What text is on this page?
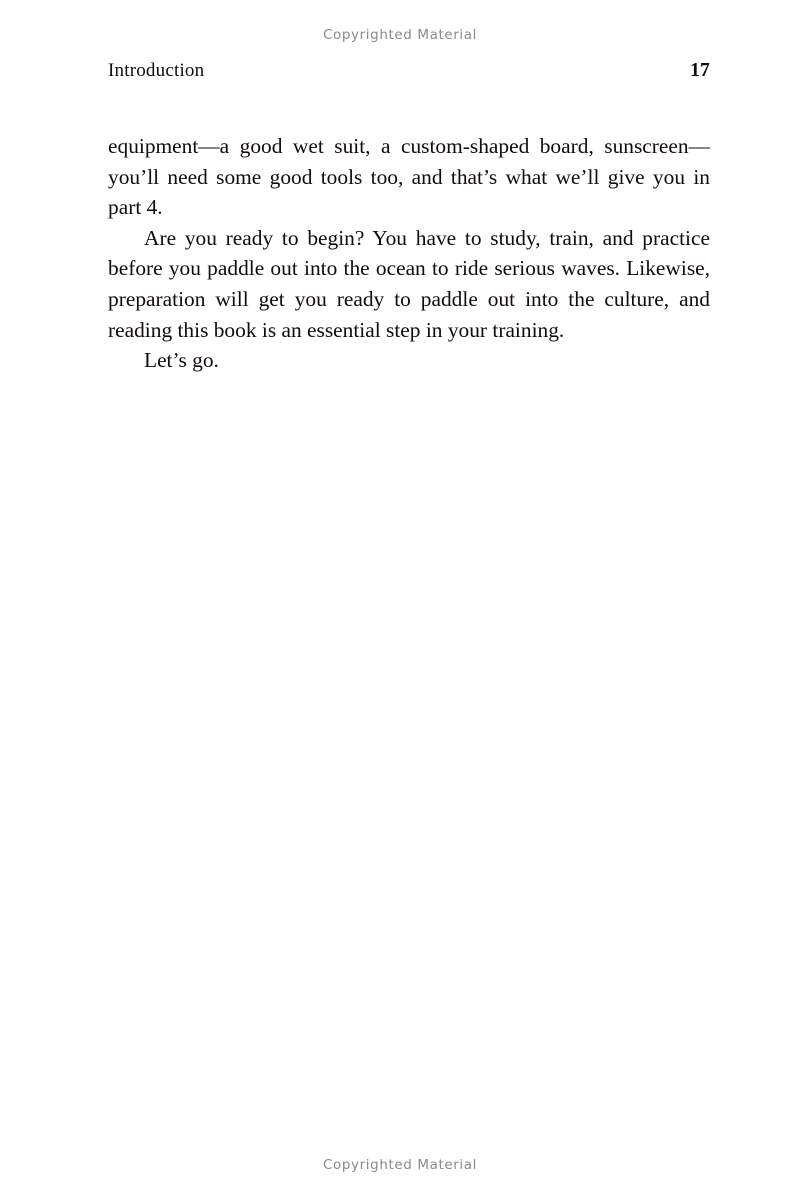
Copyrighted Material
Introduction	17

equipment—a good wet suit, a custom-shaped board, sunscreen—you’ll need some good tools too, and that’s what we’ll give you in part 4.

Are you ready to begin? You have to study, train, and practice before you paddle out into the ocean to ride serious waves. Likewise, preparation will get you ready to paddle out into the culture, and reading this book is an essential step in your training.

Let’s go.

Copyrighted Material
